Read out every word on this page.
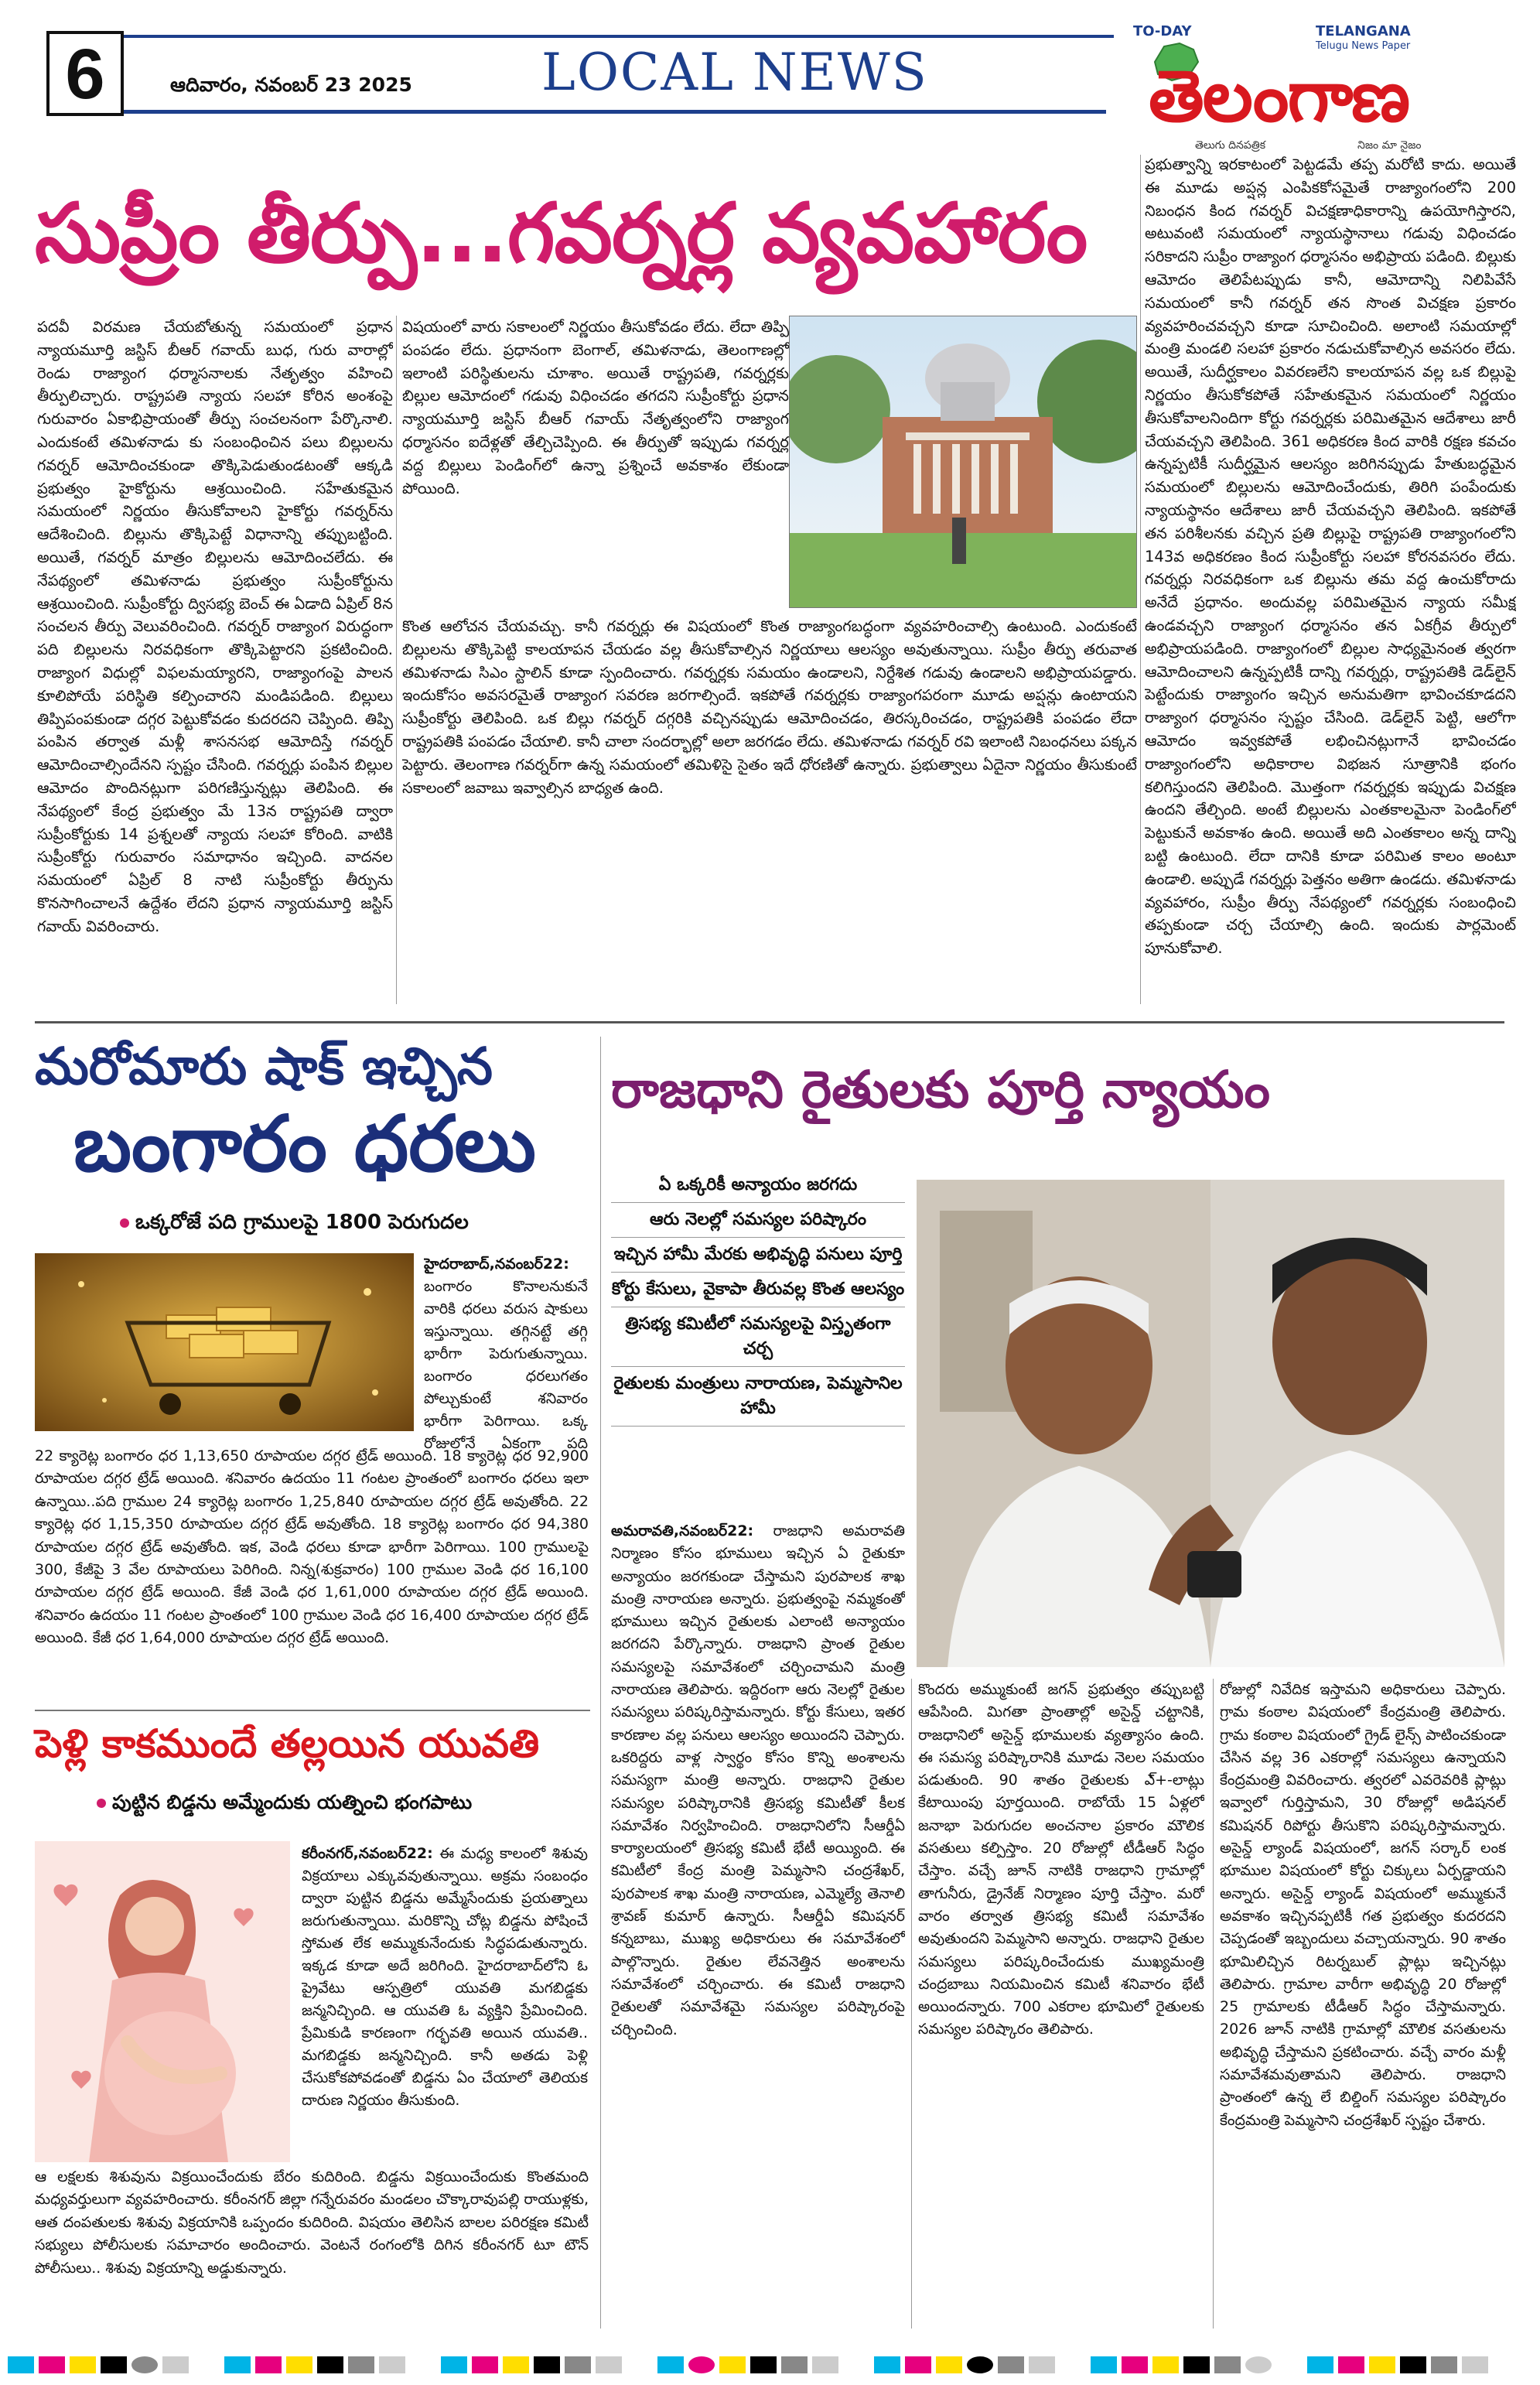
6	ఆదివారం, నవంబర్ 23 2025	LOCAL NEWS
TO-DAY	TELANGANA
Telugu News Paper
తెలంగాణ
తెలుగు దినపత్రిక	నిజం మా నైజం
సుప్రీం తీర్పు...గవర్నర్ల వ్యవహారం
పదవీ విరమణ చేయబోతున్న సమయంలో ప్రధాన న్యాయమూర్తి జస్టిస్ బీఆర్ గవాయ్ బుధ, గురు వారాల్లో రెండు రాజ్యాంగ ధర్మాసనాలకు నేతృత్వం వహించి తీర్పులిచ్చారు. రాష్ట్రపతి న్యాయ సలహా కోరిన అంశంపై గురువారం ఏకాభిప్రాయంతో తీర్పు సంచలనంగా పేర్కొనాలి. ఎందుకంటే తమిళనాడు కు సంబంధించిన పలు బిల్లులను గవర్నర్ ఆమోదించకుండా తొక్కిపెడుతుండటంతో ఆక్కడి ప్రభుత్వం హైకోర్టును ఆశ్రయించింది. సహేతుకమైన సమయంలో నిర్ణయం తీసుకోవాలని హైకోర్టు గవర్నర్‌ను ఆదేశించింది. బిల్లును తొక్కిపెట్టే విధానాన్ని తప్పుబట్టింది. అయితే, గవర్నర్ మాత్రం బిల్లులను ఆమోదించలేదు. ఈ నేపథ్యంలో తమిళనాడు ప్రభుత్వం సుప్రీంకోర్టును ఆశ్రయించింది. సుప్రీంకోర్టు ద్విసభ్య బెంచ్ ఈ ఏడాది ఏప్రిల్ 8న సంచలన తీర్పు వెలువరించింది. గవర్నర్ రాజ్యాంగ విరుద్ధంగా పది బిల్లులను నిరవధికంగా తొక్కిపెట్టారని ప్రకటించింది. రాజ్యాంగ విధుల్లో విఫలమయ్యారని, రాజ్యాంగంపై పాలన కూలిపోయే పరిస్థితి కల్పించారని మండిపడింది. బిల్లులు తిప్పిపంపకుండా దగ్గర పెట్టుకోవడం కుదరదని చెప్పింది. తిప్పి పంపిన తర్వాత మళ్లీ శాసనసభ ఆమోదిస్తే గవర్నర్ ఆమోదించాల్సిందేనని స్పష్టం చేసింది. గవర్నర్లు పంపిన బిల్లుల ఆమోదం పొందినట్లుగా పరిగణిస్తున్నట్లు తెలిపింది. ఈ నేపథ్యంలో కేంద్ర ప్రభుత్వం మే 13న రాష్ట్రపతి ద్వారా సుప్రీంకోర్టుకు 14 ప్రశ్నలతో న్యాయ సలహా కోరింది. వాటికి సుప్రీంకోర్టు గురువారం సమాధానం ఇచ్చింది. వాదనల సమయంలో ఏప్రిల్ 8 నాటి సుప్రీంకోర్టు తీర్పును కొనసాగించాలనే ఉద్దేశం లేదని ప్రధాన న్యాయమూర్తి జస్టిస్ గవాయ్ వివరించారు.
విషయంలో వారు సకాలంలో నిర్ణయం తీసుకోవడం లేదు. లేదా తిప్పి పంపడం లేదు. ప్రధానంగా బెంగాల్, తమిళనాడు, తెలంగాణల్లో ఇలాంటి పరిస్థితులను చూశాం. అయితే రాష్ట్రపతి, గవర్నర్లకు బిల్లుల ఆమోదంలో గడువు విధించడం తగదని సుప్రీంకోర్టు ప్రధాన న్యాయమూర్తి జస్టిస్ బీఆర్ గవాయ్ నేతృత్వంలోని రాజ్యాంగ ధర్మాసనం ఐదేళ్లతో తేల్చిచెప్పింది. ఈ తీర్పుతో ఇప్పుడు గవర్నర్ల వద్ద బిల్లులు పెండింగ్‌లో ఉన్నా ప్రశ్నించే అవకాశం లేకుండా పోయింది.
కొంత ఆలోచన చేయవచ్చు. కానీ గవర్నర్లు ఈ విషయంలో కొంత రాజ్యాంగబద్ధంగా వ్యవహరించాల్సి ఉంటుంది. ఎందుకంటే బిల్లులను తొక్కిపెట్టి కాలయాపన చేయడం వల్ల తీసుకోవాల్సిన నిర్ణయాలు ఆలస్యం అవుతున్నాయి. సుప్రీం తీర్పు తరువాత తమిళనాడు సిఎం స్టాలిన్ కూడా స్పందించారు. గవర్నర్లకు సమయం ఉండాలని, నిర్దేశిత గడువు ఉండాలని అభిప్రాయపడ్డారు. ఇందుకోసం అవసరమైతే రాజ్యాంగ సవరణ జరగాల్సిందే. ఇకపోతే గవర్నర్లకు రాజ్యాంగపరంగా మూడు అప్షన్లు ఉంటాయని సుప్రీంకోర్టు తెలిపింది. ఒక బిల్లు గవర్నర్ దగ్గరికి వచ్చినప్పుడు ఆమోదించడం, తిరస్కరించడం, రాష్ట్రపతికి పంపడం లేదా రాష్ట్రపతికి పంపడం చేయాలి. కానీ చాలా సందర్భాల్లో అలా జరగడం లేదు. తమిళనాడు గవర్నర్ రవి ఇలాంటి నిబంధనలు పక్కన పెట్టారు. తెలంగాణ గవర్నర్‌గా ఉన్న సమయంలో తమిళిసై సైతం ఇదే ధోరణితో ఉన్నారు. ప్రభుత్వాలు ఏదైనా నిర్ణయం తీసుకుంటే సకాలంలో జవాబు ఇవ్వాల్సిన బాధ్యత ఉంది.
ప్రభుత్వాన్ని ఇరకాటంలో పెట్టడమే తప్ప మరోటి కాదు. అయితే ఈ మూడు అప్షన్ల ఎంపికకోసమైతే రాజ్యాంగంలోని 200 నిబంధన కింద గవర్నర్ విచక్షణాధికారాన్ని ఉపయోగిస్తారని, అటువంటి సమయంలో న్యాయస్థానాలు గడువు విధించడం సరికాదని సుప్రీం రాజ్యాంగ ధర్మాసనం అభిప్రాయ పడింది. బిల్లుకు ఆమోదం తెలిపేటప్పుడు కానీ, ఆమోదాన్ని నిలిపివేసే సమయంలో కానీ గవర్నర్ తన సొంత విచక్షణ ప్రకారం వ్యవహరించవచ్చని కూడా సూచించింది. అలాంటి సమయాల్లో మంత్రి మండలి సలహా ప్రకారం నడుచుకోవాల్సిన అవసరం లేదు. అయితే, సుదీర్ఘకాలం వివరణలేని కాలయాపన వల్ల ఒక బిల్లుపై నిర్ణయం తీసుకోకపోతే సహేతుకమైన సమయంలో నిర్ణయం తీసుకోవాలనిందిగా కోర్టు గవర్నర్లకు పరిమితమైన ఆదేశాలు జారీ చేయవచ్చని తెలిపింది. 361 అధికరణ కింద వారికి రక్షణ కవచం ఉన్నప్పటికీ సుదీర్ఘమైన ఆలస్యం జరిగినప్పుడు హేతుబద్ధమైన సమయంలో బిల్లులను ఆమోదించేందుకు, తిరిగి పంపేందుకు న్యాయస్థానం ఆదేశాలు జారీ చేయవచ్చని తెలిపింది. ఇకపోతే తన పరిశీలనకు వచ్చిన ప్రతి బిల్లుపై రాష్ట్రపతి రాజ్యాంగంలోని 143వ అధికరణం కింద సుప్రీంకోర్టు సలహా కోరనవసరం లేదు. గవర్నర్లు నిరవధికంగా ఒక బిల్లును తమ వద్ద ఉంచుకోరాదు అనేదే ప్రధానం. అందువల్ల పరిమితమైన న్యాయ సమీక్ష ఉండవచ్చని రాజ్యాంగ ధర్మాసనం తన ఏకగ్రీవ తీర్పులో అభిప్రాయపడింది. రాజ్యాంగంలో బిల్లుల సాధ్యమైనంత త్వరగా ఆమోదించాలని ఉన్నప్పటికీ దాన్ని గవర్నర్లు, రాష్ట్రపతికి డెడ్‌లైన్ పెట్టేందుకు రాజ్యాంగం ఇచ్చిన అనుమతిగా భావించకూడదని రాజ్యాంగ ధర్మాసనం స్పష్టం చేసింది. డెడ్‌లైన్ పెట్టి, ఆలోగా ఆమోదం ఇవ్వకపోతే లభించినట్లుగానే భావించడం రాజ్యాంగంలోని అధికారాల విభజన సూత్రానికి భంగం కలిగిస్తుందని తెలిపింది. మొత్తంగా గవర్నర్లకు ఇప్పుడు విచక్షణ ఉందని తేల్చింది. అంటే బిల్లులను ఎంతకాలమైనా పెండింగ్‌లో పెట్టుకునే అవకాశం ఉంది. అయితే అది ఎంతకాలం అన్న దాన్ని బట్టి ఉంటుంది. లేదా దానికి కూడా పరిమిత కాలం అంటూ ఉండాలి. అప్పుడే గవర్నర్లు పెత్తనం అతిగా ఉండదు. తమిళనాడు వ్యవహారం, సుప్రీం తీర్పు నేపథ్యంలో గవర్నర్లకు సంబంధించి తప్పకుండా చర్చ చేయాల్సి ఉంది. ఇందుకు పార్లమెంట్ పూనుకోవాలి.
మరోమారు షాక్ ఇచ్చిన
బంగారం ధరలు
ఒక్కరోజే పది గ్రాములపై 1800 పెరుగుదల
హైదరాబాద్,నవంబర్22: బంగారం కొనాలనుకునే వారికి ధరలు వరుస షాకులు ఇస్తున్నాయి. తగ్గినట్టే తగ్గి భారీగా పెరుగుతున్నాయి. బంగారం ధరలుగతం పోల్చుకుంటే శనివారం భారీగా పెరిగాయి. ఒక్క రోజులోనే ఏకంగా పది
22 క్యారెట్ల బంగారం ధర 1,13,650 రూపాయల దగ్గర ట్రేడ్ అయింది. 18 క్యారెట్ల ధర 92,900 రూపాయల దగ్గర ట్రేడ్ అయింది. శనివారం ఉదయం 11 గంటల ప్రాంతంలో బంగారం ధరలు ఇలా ఉన్నాయి..పది గ్రాముల 24 క్యారెట్ల బంగారం 1,25,840 రూపాయల దగ్గర ట్రేడ్ అవుతోంది. 22 క్యారెట్ల ధర 1,15,350 రూపాయల దగ్గర ట్రేడ్ అవుతోంది. 18 క్యారెట్ల బంగారం ధర 94,380 రూపాయల దగ్గర ట్రేడ్ అవుతోంది. ఇక, వెండి ధరలు కూడా భారీగా పెరిగాయి. 100 గ్రాములపై 300, కేజీపై 3 వేల రూపాయలు పెరిగింది. నిన్న(శుక్రవారం) 100 గ్రాముల వెండి ధర 16,100 రూపాయల దగ్గర ట్రేడ్ అయింది. కేజీ వెండి ధర 1,61,000 రూపాయల దగ్గర ట్రేడ్ అయింది. శనివారం ఉదయం 11 గంటల ప్రాంతంలో 100 గ్రాముల వెండి ధర 16,400 రూపాయల దగ్గర ట్రేడ్ అయింది. కేజీ ధర 1,64,000 రూపాయల దగ్గర ట్రేడ్ అయింది.
పెళ్లి కాకముందే తల్లయిన యువతి
పుట్టిన బిడ్డను అమ్మేందుకు యత్నించి భంగపాటు
కరీంనగర్,నవంబర్22: ఈ మధ్య కాలంలో శిశువు విక్రయాలు ఎక్కువవుతున్నాయి. అక్రమ సంబంధం ద్వారా పుట్టిన బిడ్డను అమ్మేసేందుకు ప్రయత్నాలు జరుగుతున్నాయి. మరికొన్ని చోట్ల బిడ్డను పోషించే స్తోమత లేక అమ్ముకునేందుకు సిద్ధపడుతున్నారు. ఇక్కడ కూడా అదే జరిగింది. హైదరాబాద్‌లోని ఓ ప్రైవేటు ఆస్పత్రిలో యువతి మగబిడ్డకు జన్మనిచ్చింది. ఆ యువతి ఓ వ్యక్తిని ప్రేమించింది. ప్రేమికుడి కారణంగా గర్భవతి అయిన యువతి.. మగబిడ్డకు జన్మనిచ్చింది. కానీ అతడు పెళ్లి చేసుకోకపోవడంతో బిడ్డను ఏం చేయాలో తెలియక దారుణ నిర్ణయం తీసుకుంది.
ఆ లక్షలకు శిశువును విక్రయించేందుకు బేరం కుదిరింది. బిడ్డను విక్రయించేందుకు కొంతమంది మధ్యవర్తులుగా వ్యవహరించారు. కరీంనగర్ జిల్లా గన్నేరువరం మండలం చొక్కారావుపల్లి రాయుళ్లకు, ఆత దంపతులకు శిశువు విక్రయానికి ఒప్పందం కుదిరింది. విషయం తెలిసిన బాలల పరిరక్షణ కమిటీ సభ్యులు పోలీసులకు సమాచారం అందించారు. వెంటనే రంగంలోకి దిగిన కరీంనగర్ టూ టౌన్ పోలీసులు.. శిశువు విక్రయాన్ని అడ్డుకున్నారు.
రాజధాని రైతులకు పూర్తి న్యాయం
ఏ ఒక్కరికీ అన్యాయం జరగదు
ఆరు నెలల్లో సమస్యల పరిష్కారం
ఇచ్చిన హామీ మేరకు అభివృద్ధి పనులు పూర్తి
కోర్టు కేసులు, వైకాపా తీరువల్ల కొంత ఆలస్యం
త్రిసభ్య కమిటీలో సమస్యలపై విస్తృతంగా చర్చ
రైతులకు మంత్రులు నారాయణ, పెమ్మసానిల హామీ
అమరావతి,నవంబర్22: రాజధాని అమరావతి నిర్మాణం కోసం భూములు ఇచ్చిన ఏ రైతుకూ అన్యాయం జరగకుండా చేస్తామని పురపాలక శాఖ మంత్రి నారాయణ అన్నారు. ప్రభుత్వంపై నమ్మకంతో భూములు ఇచ్చిన రైతులకు ఎలాంటి అన్యాయం జరగదని పేర్కొన్నారు. రాజధాని ప్రాంత రైతుల సమస్యలపై సమావేశంలో చర్చించామని మంత్రి నారాయణ తెలిపారు. ఇద్దిరంగా ఆరు నెలల్లో రైతుల సమస్యలు పరిష్కరిస్తామన్నారు. కోర్టు కేసులు, ఇతర కారణాల వల్ల పనులు ఆలస్యం అయిందని చెప్పారు. ఒకరిద్దరు వాళ్ల స్వార్థం కోసం కొన్ని అంశాలను సమస్యగా మంత్రి అన్నారు. రాజధాని రైతుల సమస్యల పరిష్కారానికి త్రిసభ్య కమిటీతో కీలక సమావేశం నిర్వహించింది. రాజధానిలోని సీఆర్డీఏ కార్యాలయంలో త్రిసభ్య కమిటీ భేటీ అయ్యింది. ఈ కమిటీలో కేంద్ర మంత్రి పెమ్మసాని చంద్రశేఖర్, పురపాలక శాఖ మంత్రి నారాయణ, ఎమ్మెల్యే తెనాలి శ్రావణ్ కుమార్ ఉన్నారు. సీఆర్డీఏ కమిషనర్ కన్నబాబు, ముఖ్య అధికారులు ఈ సమావేశంలో పాల్గొన్నారు. రైతుల లేవనెత్తిన అంశాలను సమావేశంలో చర్చించారు. ఈ కమిటీ రాజధాని రైతులతో సమావేశమై సమస్యల పరిష్కారంపై చర్చించింది.
కొందరు అమ్ముకుంటే జగన్ ప్రభుత్వం తప్పుబట్టి ఆపేసింది. మిగతా ప్రాంతాల్లో అసైన్డ్ చట్టానికి, రాజధానిలో అసైన్డ్ భూములకు వ్యత్యాసం ఉంది. ఈ సమస్య పరిష్కారానికి మూడు నెలల సమయం పడుతుంది. 90 శాతం రైతులకు ఎ్+-లాట్లు కేటాయింపు పూర్తయింది. రాబోయే 15 ఏళ్లలో జనాభా పెరుగుదల అంచనాల ప్రకారం మౌలిక వసతులు కల్పిస్తాం. 20 రోజుల్లో టీడీఆర్ సిద్ధం చేస్తాం. వచ్చే జూన్ నాటికి రాజధాని గ్రామాల్లో తాగునీరు, డ్రైనేజ్ నిర్మాణం పూర్తి చేస్తాం. మరో వారం తర్వాత త్రిసభ్య కమిటీ సమావేశం అవుతుందని పెమ్మసాని అన్నారు. రాజధాని రైతుల సమస్యలు పరిష్కరించేందుకు ముఖ్యమంత్రి చంద్రబాబు నియమించిన కమిటీ శనివారం భేటీ అయిందన్నారు. 700 ఎకరాల భూమిలో రైతులకు సమస్యల పరిష్కారం తెలిపారు.
రోజుల్లో నివేదిక ఇస్తామని అధికారులు చెప్పారు. గ్రామ కంఠాల విషయంలో కేంద్రమంత్రి తెలిపారు. గ్రామ కంఠాల విషయంలో గ్రైడ్ లైన్స్ పాటించకుండా చేసిన వల్ల 36 ఎకరాల్లో సమస్యలు ఉన్నాయని కేంద్రమంత్రి వివరించారు. త్వరలో ఎవరెవరికి ప్లాట్లు ఇవ్వాలో గుర్తిస్తామని, 30 రోజుల్లో అడిషనల్ కమిషనర్ రిపోర్టు తీసుకొని పరిష్కరిస్తామన్నారు. అసైన్డ్ ల్యాండ్ విషయంలో, జగన్ సర్కార్ లంక భూముల విషయంలో కోర్టు చిక్కులు ఏర్పడ్డాయని అన్నారు. అసైన్డ్ ల్యాండ్ విషయంలో అమ్ముకునే అవకాశం ఇచ్చినప్పటికీ గత ప్రభుత్వం కుదరదని చెప్పడంతో ఇబ్బందులు వచ్చాయన్నారు. 90 శాతం భూమిలిచ్చిన రిటర్నబుల్ ప్లాట్లు ఇచ్చినట్లు తెలిపారు. గ్రామాల వారీగా అభివృద్ధి 20 రోజుల్లో 25 గ్రామాలకు టీడీఆర్ సిద్ధం చేస్తామన్నారు. 2026 జూన్ నాటికి గ్రామాల్లో మౌలిక వసతులను అభివృద్ధి చేస్తామని ప్రకటించారు. వచ్చే వారం మళ్లీ సమావేశమవుతామని తెలిపారు. రాజధాని ప్రాంతంలో ఉన్న లే బిల్డింగ్ సమస్యల పరిష్కారం కేంద్రమంత్రి పెమ్మసాని చంద్రశేఖర్ స్పష్టం చేశారు.
